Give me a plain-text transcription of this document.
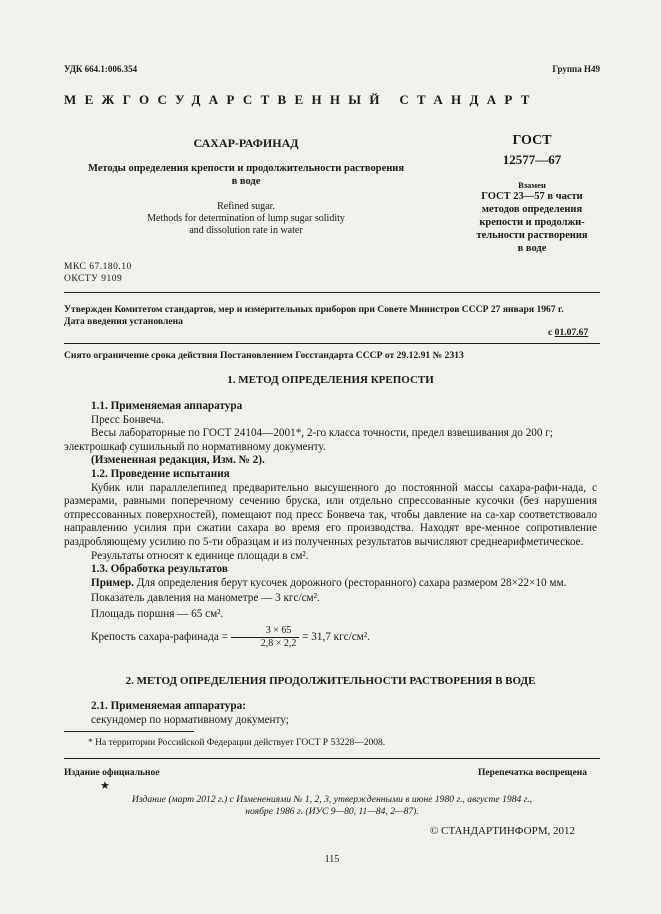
УДК 664.1:006.354	Группа Н49
МЕЖГОСУДАРСТВЕННЫЙ СТАНДАРТ
САХАР-РАФИНАД
Методы определения крепости и продолжительности растворения
в воде
Refined sugar.
Methods for determination of lump sugar solidity
and dissolution rate in water
ГОСТ
12577—67
Взамен
ГОСТ 23—57 в части
методов определения
крепости и продолжи-
тельности растворения
в воде
МКС 67.180.10
ОКСТУ 9109
Утвержден Комитетом стандартов, мер и измерительных приборов при Совете Министров СССР 27 января 1967 г.
Дата введения установлена
с 01.07.67
Снято ограничение срока действия Постановлением Госстандарта СССР от 29.12.91 № 2313
1. МЕТОД ОПРЕДЕЛЕНИЯ КРЕПОСТИ
1.1. Применяемая аппаратура
Пресс Бонвеча.
Весы лабораторные по ГОСТ 24104—2001*, 2-го класса точности, предел взвешивания до 200 г;
электрошкаф сушильный по нормативному документу.
(Измененная редакция, Изм. № 2).
1.2. Проведение испытания
Кубик или параллелепипед предварительно высушенного до постоянной массы сахара-рафи-нада, с размерами, равными поперечному сечению бруска, или отдельно спрессованные кусочки (без нарушения отпрессованных поверхностей), помещают под пресс Бонвеча так, чтобы давление на са-хар соответствовало направлению усилия при сжатии сахара во время его производства. Находят вре-менное сопротивление раздробляющему усилию по 5-ти образцам и из полученных результатов вычисляют среднеарифметическое.
Результаты относят к единице площади в см².
1.3. Обработка результатов
Пример. Для определения берут кусочек дорожного (ресторанного) сахара размером 28×22×10 мм.
Показатель давления на манометре — 3 кгс/см².
Площадь поршня — 65 см².
Крепость сахара-рафинада = $\frac{3 \times 65}{2,8 \times 2,2} = 31,7$ кгс/см².
2. МЕТОД ОПРЕДЕЛЕНИЯ ПРОДОЛЖИТЕЛЬНОСТИ РАСТВОРЕНИЯ В ВОДЕ
2.1. Применяемая аппаратура:
секундомер по нормативному документу;
* На территории Российской Федерации действует ГОСТ Р 53228—2008.
Издание официальное	Перепечатка воспрещена
★
Издание (март 2012 г.) с Изменениями № 1, 2, 3, утвержденными в июне 1980 г., августе 1984 г.,
ноябре 1986 г. (ИУС 9—80, 11—84, 2—87).
© СТАНДАРТИНФОРМ, 2012
115
